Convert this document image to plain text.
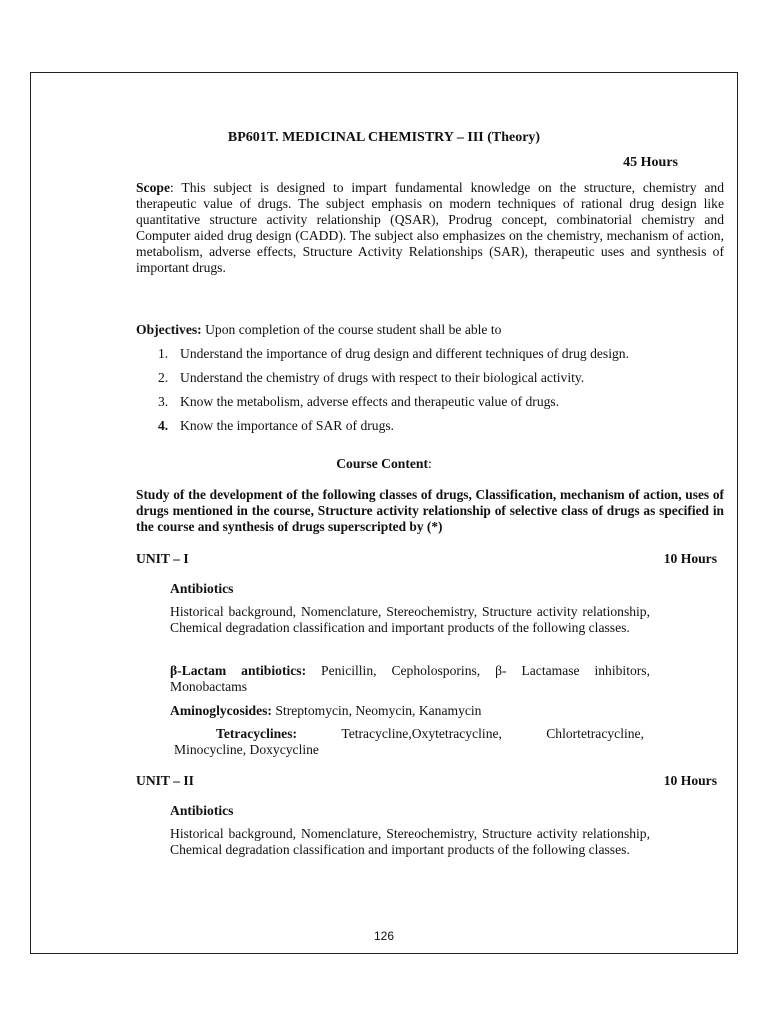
BP601T. MEDICINAL CHEMISTRY – III (Theory)
45 Hours
Scope: This subject is designed to impart fundamental knowledge on the structure, chemistry and therapeutic value of drugs. The subject emphasis on modern techniques of rational drug design like quantitative structure activity relationship (QSAR), Prodrug concept, combinatorial chemistry and Computer aided drug design (CADD). The subject also emphasizes on the chemistry, mechanism of action, metabolism, adverse effects, Structure Activity Relationships (SAR), therapeutic uses and synthesis of important drugs.
Objectives: Upon completion of the course student shall be able to
1. Understand the importance of drug design and different techniques of drug design.
2. Understand the chemistry of drugs with respect to their biological activity.
3. Know the metabolism, adverse effects and therapeutic value of drugs.
4. Know the importance of SAR of drugs.
Course Content:
Study of the development of the following classes of drugs, Classification, mechanism of action, uses of drugs mentioned in the course, Structure activity relationship of selective class of drugs as specified in the course and synthesis of drugs superscripted by (*)
UNIT – I	10 Hours
Antibiotics
Historical background, Nomenclature, Stereochemistry, Structure activity relationship, Chemical degradation classification and important products of the following classes.
β-Lactam antibiotics: Penicillin, Cepholosporins, β- Lactamase inhibitors, Monobactams
Aminoglycosides: Streptomycin, Neomycin, Kanamycin
Tetracyclines:	Tetracycline,Oxytetracycline,	Chlortetracycline,
Minocycline, Doxycycline
UNIT – II	10 Hours
Antibiotics
Historical background, Nomenclature, Stereochemistry, Structure activity relationship, Chemical degradation classification and important products of the following classes.
126
